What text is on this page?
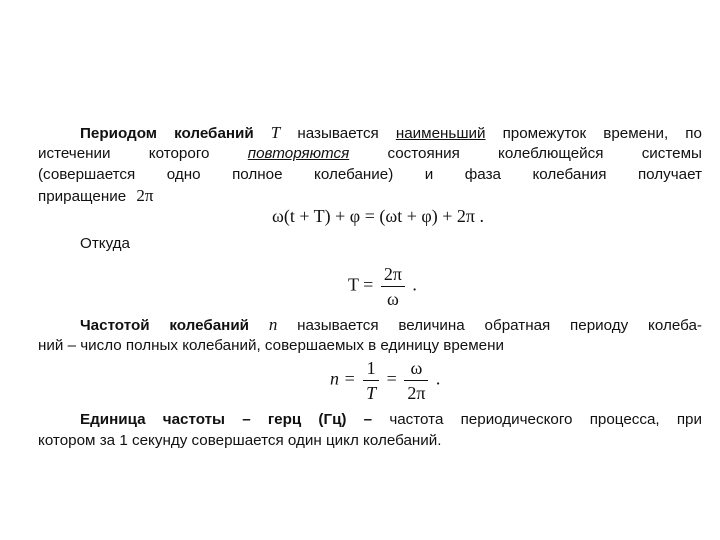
Периодом колебаний T называется наименьший промежуток времени, по
истечении которого	повторяются	состояния колеблющейся системы
(совершается одно полное колебание) и фаза колебания получает
приращение 2π
ω(t + T) + φ = (ωt + φ) + 2π .
Откуда
$T = \frac{2\pi}{\omega}$ .
Частотой колебаний n называется величина обратная периоду колеба-
ний – число полных колебаний, совершаемых в единицу времени
$n = \frac{1}{T} = \frac{\omega}{2\pi}$ .
Единица частоты – герц (Гц) – частота периодического процесса, при
котором за 1 секунду совершается один цикл колебаний.
